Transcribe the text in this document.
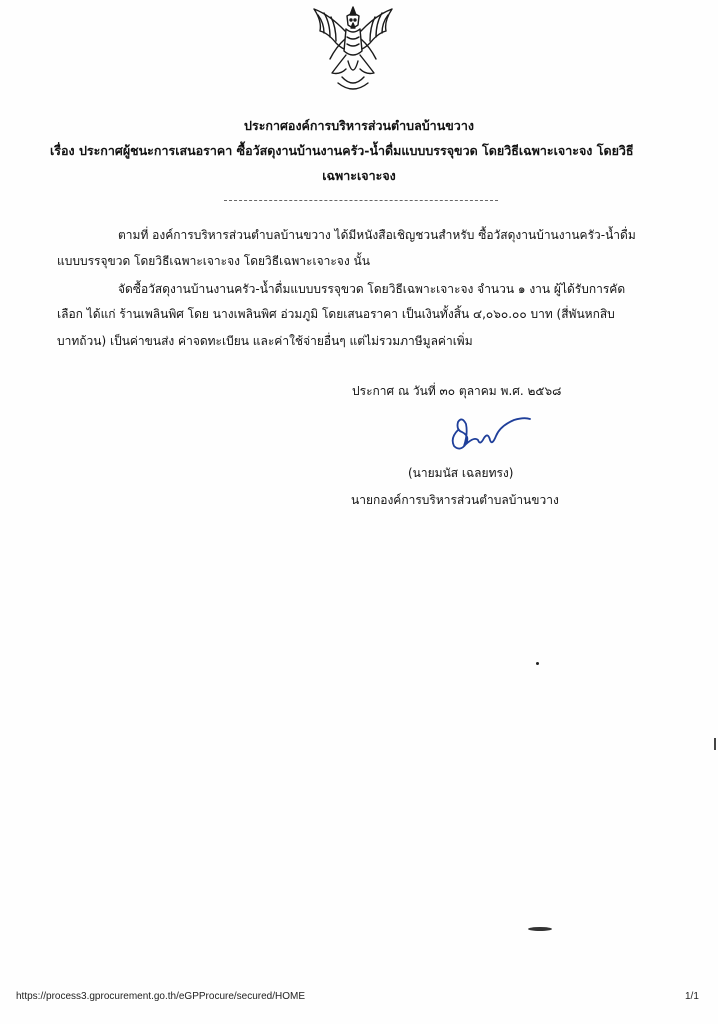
ประกาศองค์การบริหารส่วนตำบลบ้านขวาง
เรื่อง ประกาศผู้ชนะการเสนอราคา ซื้อวัสดุงานบ้านงานครัว-น้ำดื่มแบบบรรจุขวด โดยวิธีเฉพาะเจาะจง โดยวิธี
เฉพาะเจาะจง
ตามที่ องค์การบริหารส่วนตำบลบ้านขวาง ได้มีหนังสือเชิญชวนสำหรับ ซื้อวัสดุงานบ้านงานครัว-น้ำดื่ม
แบบบรรจุขวด โดยวิธีเฉพาะเจาะจง โดยวิธีเฉพาะเจาะจง นั้น
จัดซื้อวัสดุงานบ้านงานครัว-น้ำดื่มแบบบรรจุขวด โดยวิธีเฉพาะเจาะจง จำนวน ๑ งาน ผู้ได้รับการคัด
เลือก ได้แก่ ร้านเพลินพิศ โดย นางเพลินพิศ อ่วมภูมิ โดยเสนอราคา เป็นเงินทั้งสิ้น ๔,๐๖๐.๐๐ บาท (สี่พันหกสิบ
บาทถ้วน) เป็นค่าขนส่ง ค่าจดทะเบียน และค่าใช้จ่ายอื่นๆ แต่ไม่รวมภาษีมูลค่าเพิ่ม
ประกาศ ณ วันที่ ๓๐ ตุลาคม พ.ศ. ๒๕๖๘
(นายมนัส เฉลยทรง)
นายกองค์การบริหารส่วนตำบลบ้านขวาง
https://process3.gprocurement.go.th/eGPProcure/secured/HOME	1/1
